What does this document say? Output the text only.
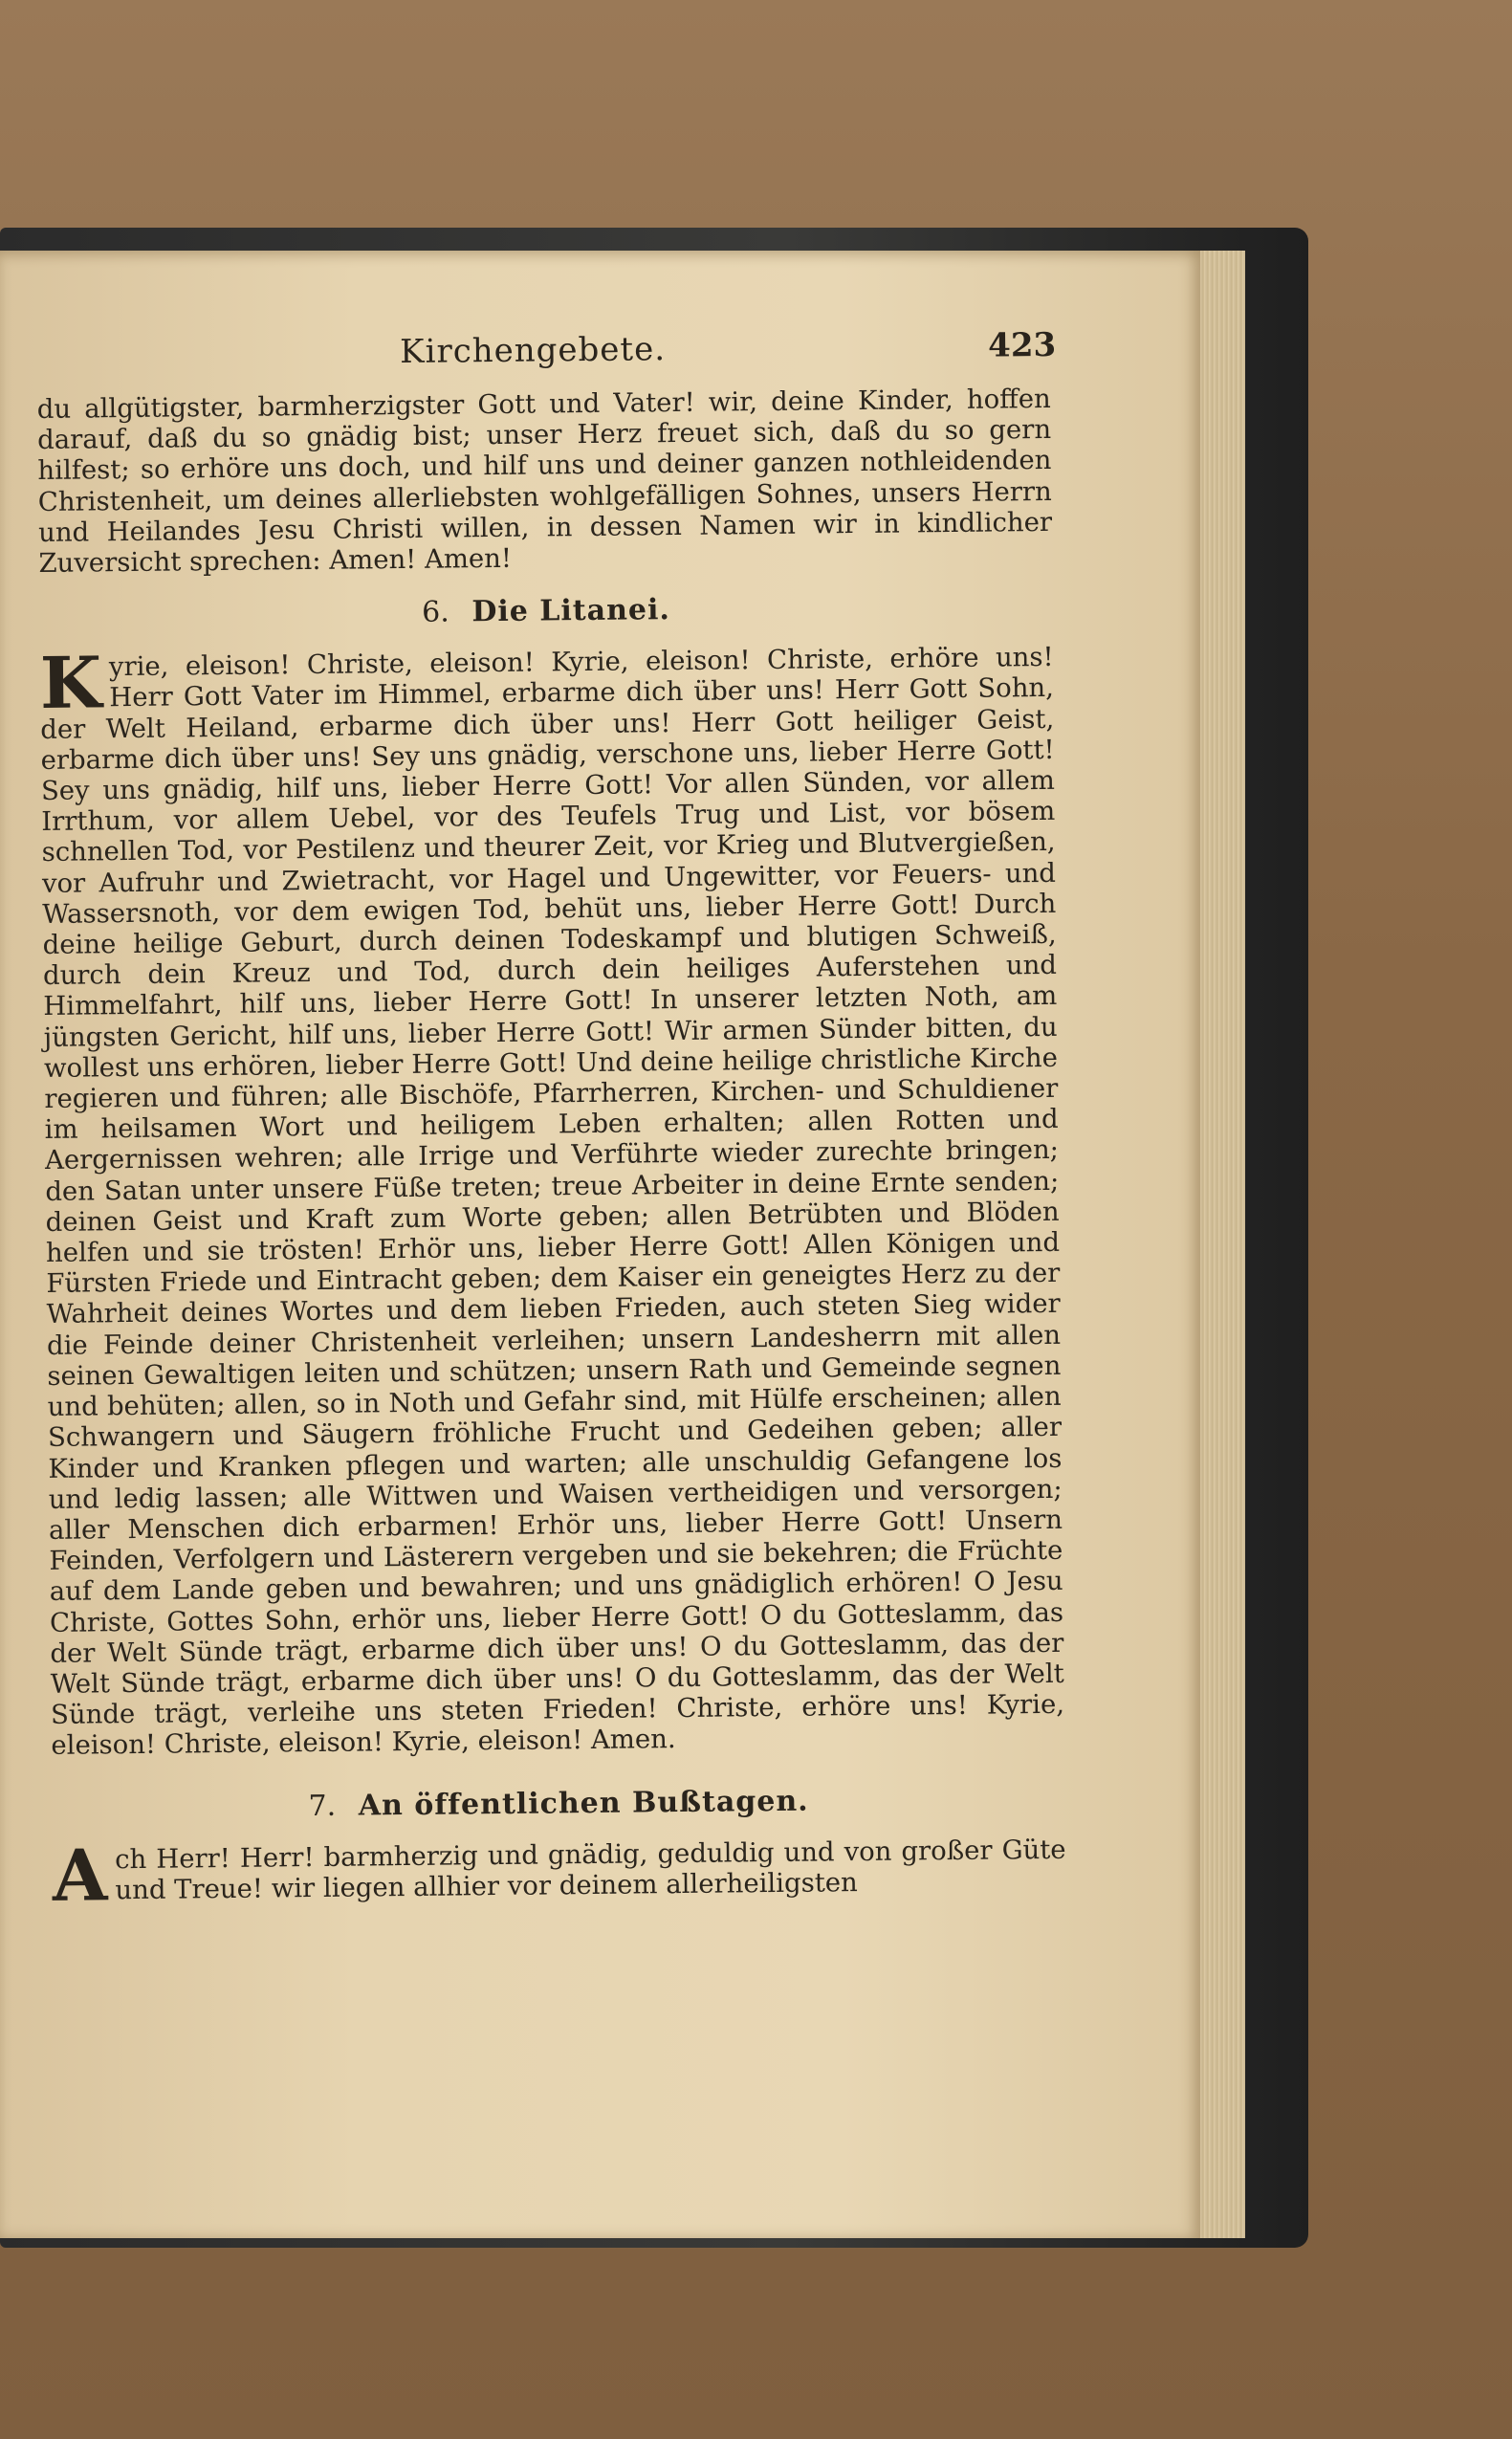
Kirchengebete.	423

du allgütigster, barmherzigster Gott und Vater! wir, deine Kinder, hoffen darauf, daß du so gnädig bist; unser Herz freuet sich, daß du so gern hilfest; so erhöre uns doch, und hilf uns und deiner ganzen nothleidenden Christenheit, um deines allerliebsten wohlgefälligen Sohnes, unsers Herrn und Heilandes Jesu Christi willen, in dessen Namen wir in kindlicher Zuversicht sprechen: Amen! Amen!

6. Die Litanei.

Kyrie, eleison! Christe, eleison! Kyrie, eleison! Christe, erhöre uns! Herr Gott Vater im Himmel, erbarme dich über uns! Herr Gott Sohn, der Welt Heiland, erbarme dich über uns! Herr Gott heiliger Geist, erbarme dich über uns! Sey uns gnädig, verschone uns, lieber Herre Gott! Sey uns gnädig, hilf uns, lieber Herre Gott! Vor allen Sünden, vor allem Irrthum, vor allem Uebel, vor des Teufels Trug und List, vor bösem schnellen Tod, vor Pestilenz und theurer Zeit, vor Krieg und Blutvergießen, vor Aufruhr und Zwietracht, vor Hagel und Ungewitter, vor Feuers- und Wassersnoth, vor dem ewigen Tod, behüt uns, lieber Herre Gott! Durch deine heilige Geburt, durch deinen Todeskampf und blutigen Schweiß, durch dein Kreuz und Tod, durch dein heiliges Auferstehen und Himmelfahrt, hilf uns, lieber Herre Gott! In unserer letzten Noth, am jüngsten Gericht, hilf uns, lieber Herre Gott! Wir armen Sünder bitten, du wollest uns erhören, lieber Herre Gott! Und deine heilige christliche Kirche regieren und führen; alle Bischöfe, Pfarrherren, Kirchen- und Schuldiener im heilsamen Wort und heiligem Leben erhalten; allen Rotten und Aergernissen wehren; alle Irrige und Verführte wieder zurechte bringen; den Satan unter unsere Füße treten; treue Arbeiter in deine Ernte senden; deinen Geist und Kraft zum Worte geben; allen Betrübten und Blöden helfen und sie trösten! Erhör uns, lieber Herre Gott! Allen Königen und Fürsten Friede und Eintracht geben; dem Kaiser ein geneigtes Herz zu der Wahrheit deines Wortes und dem lieben Frieden, auch steten Sieg wider die Feinde deiner Christenheit verleihen; unsern Landesherrn mit allen seinen Gewaltigen leiten und schützen; unsern Rath und Gemeinde segnen und behüten; allen, so in Noth und Gefahr sind, mit Hülfe erscheinen; allen Schwangern und Säugern fröhliche Frucht und Gedeihen geben; aller Kinder und Kranken pflegen und warten; alle unschuldig Gefangene los und ledig lassen; alle Wittwen und Waisen vertheidigen und versorgen; aller Menschen dich erbarmen! Erhör uns, lieber Herre Gott! Unsern Feinden, Verfolgern und Lästerern vergeben und sie bekehren; die Früchte auf dem Lande geben und bewahren; und uns gnädiglich erhören! O Jesu Christe, Gottes Sohn, erhör uns, lieber Herre Gott! O du Gotteslamm, das der Welt Sünde trägt, erbarme dich über uns! O du Gotteslamm, das der Welt Sünde trägt, erbarme dich über uns! O du Gotteslamm, das der Welt Sünde trägt, verleihe uns steten Frieden! Christe, erhöre uns! Kyrie, eleison! Christe, eleison! Kyrie, eleison! Amen.

7. An öffentlichen Bußtagen.

Ach Herr! Herr! barmherzig und gnädig, geduldig und von großer Güte und Treue! wir liegen allhier vor deinem allerheiligsten
